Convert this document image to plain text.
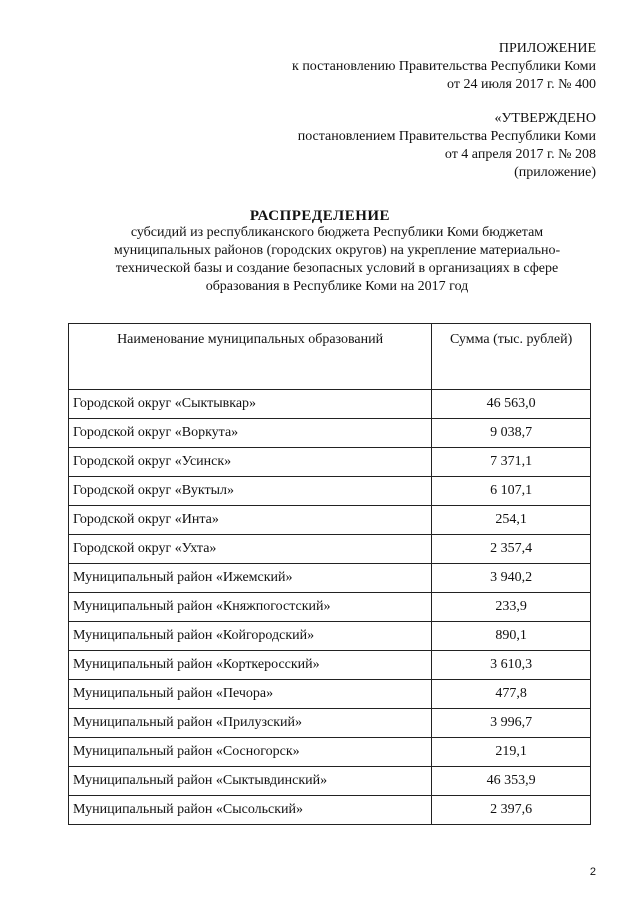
ПРИЛОЖЕНИЕ
к постановлению Правительства Республики Коми
от 24 июля 2017 г. № 400
«УТВЕРЖДЕНО
постановлением Правительства Республики Коми
от 4 апреля 2017 г. № 208
(приложение)
РАСПРЕДЕЛЕНИЕ
субсидий из республиканского бюджета Республики Коми бюджетам
муниципальных районов (городских округов) на укрепление материально-
технической базы и создание безопасных условий в организациях в сфере
образования в Республике Коми на 2017 год
Наименование муниципальных образований	Сумма (тыс. рублей)
Городской округ «Сыктывкар»	46 563,0
Городской округ «Воркута»	9 038,7
Городской округ «Усинск»	7 371,1
Городской округ «Вуктыл»	6 107,1
Городской округ «Инта»	254,1
Городской округ «Ухта»	2 357,4
Муниципальный район «Ижемский»	3 940,2
Муниципальный район «Княжпогостский»	233,9
Муниципальный район «Койгородский»	890,1
Муниципальный район «Корткеросский»	3 610,3
Муниципальный район «Печора»	477,8
Муниципальный район «Прилузский»	3 996,7
Муниципальный район «Сосногорск»	219,1
Муниципальный район «Сыктывдинский»	46 353,9
Муниципальный район «Сысольский»	2 397,6
2
